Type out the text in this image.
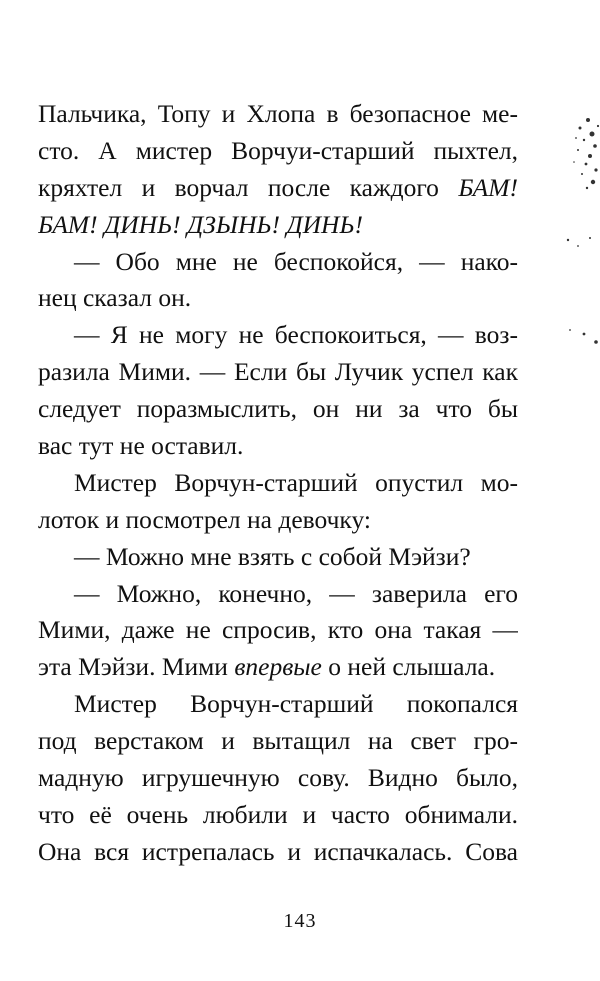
Пальчика, Топу и Хлопа в безопасное ме-
сто. А мистер Ворчуи-старший пыхтел,
кряхтел и ворчал после каждого БАМ!
БАМ! ДИНЬ! ДЗЫНЬ! ДИНЬ!
— Обо мне не беспокойся, — нако-
нец сказал он.
— Я не могу не беспокоиться, — воз-
разила Мими. — Если бы Лучик успел как
следует поразмыслить, он ни за что бы
вас тут не оставил.
Мистер Ворчун-старший опустил мо-
лоток и посмотрел на девочку:
— Можно мне взять с собой Мэйзи?
— Можно, конечно, — заверила его
Мими, даже не спросив, кто она такая —
эта Мэйзи. Мими впервые о ней слышала.
Мистер Ворчун-старший покопался
под верстаком и вытащил на свет гро-
мадную игрушечную сову. Видно было,
что её очень любили и часто обнимали.
Она вся истрепалась и испачкалась. Сова
143
